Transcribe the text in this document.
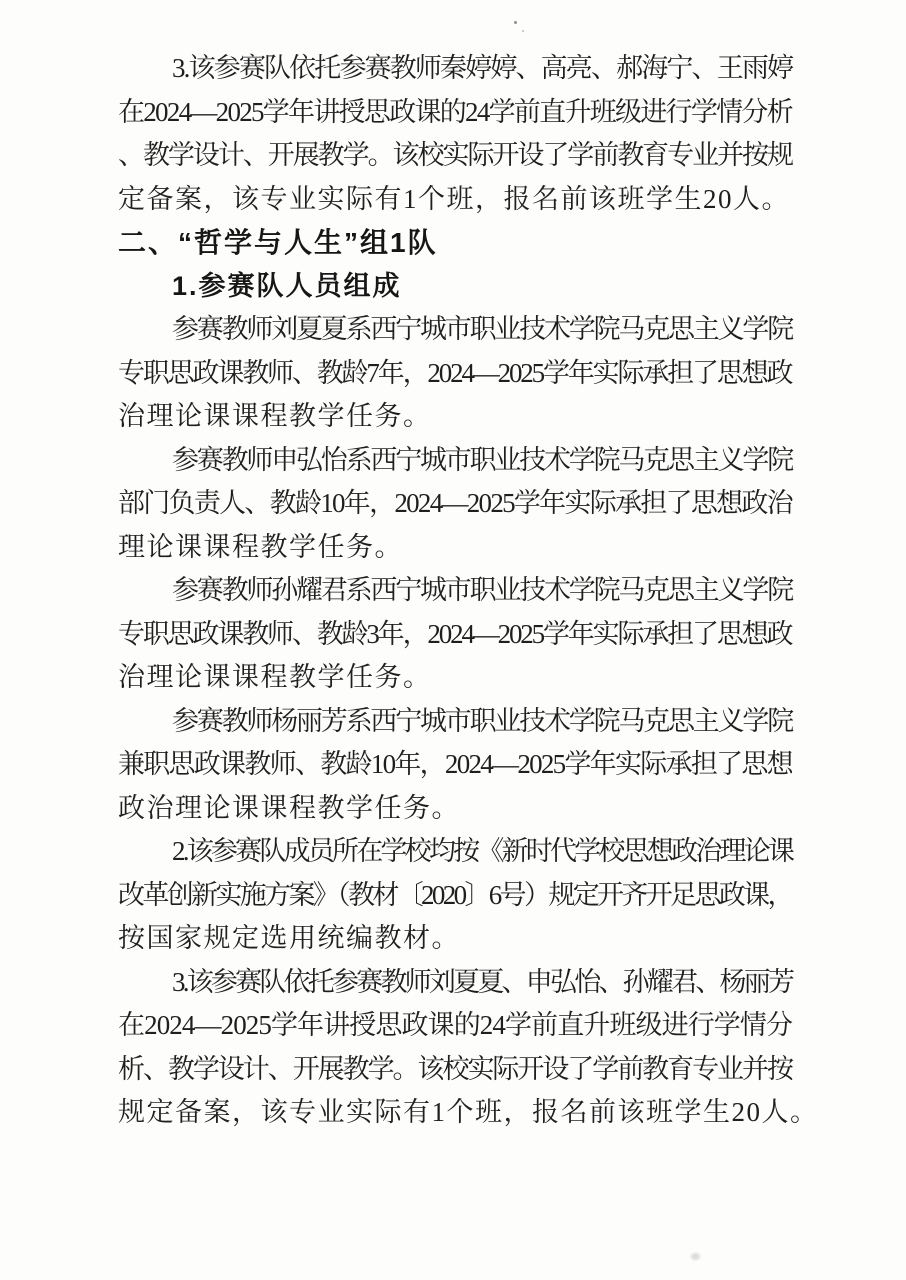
3.该参赛队依托参赛教师秦婷婷、高亮、郝海宁、王雨婷
在2024—2025学年讲授思政课的24学前直升班级进行学情分析
、教学设计、开展教学。该校实际开设了学前教育专业并按规
定备案，该专业实际有1个班，报名前该班学生20人。
二、“哲学与人生”组1队
1.参赛队人员组成
参赛教师刘夏夏系西宁城市职业技术学院马克思主义学院
专职思政课教师、教龄7年，2024—2025学年实际承担了思想政
治理论课课程教学任务。
参赛教师申弘怡系西宁城市职业技术学院马克思主义学院
部门负责人、教龄10年，2024—2025学年实际承担了思想政治
理论课课程教学任务。
参赛教师孙耀君系西宁城市职业技术学院马克思主义学院
专职思政课教师、教龄3年，2024—2025学年实际承担了思想政
治理论课课程教学任务。
参赛教师杨丽芳系西宁城市职业技术学院马克思主义学院
兼职思政课教师、教龄10年，2024—2025学年实际承担了思想
政治理论课课程教学任务。
2.该参赛队成员所在学校均按《新时代学校思想政治理论课
改革创新实施方案》（教材〔2020〕6号）规定开齐开足思政课，
按国家规定选用统编教材。
3.该参赛队依托参赛教师刘夏夏、申弘怡、孙耀君、杨丽芳
在2024—2025学年讲授思政课的24学前直升班级进行学情分
析、教学设计、开展教学。该校实际开设了学前教育专业并按
规定备案，该专业实际有1个班，报名前该班学生20人。
